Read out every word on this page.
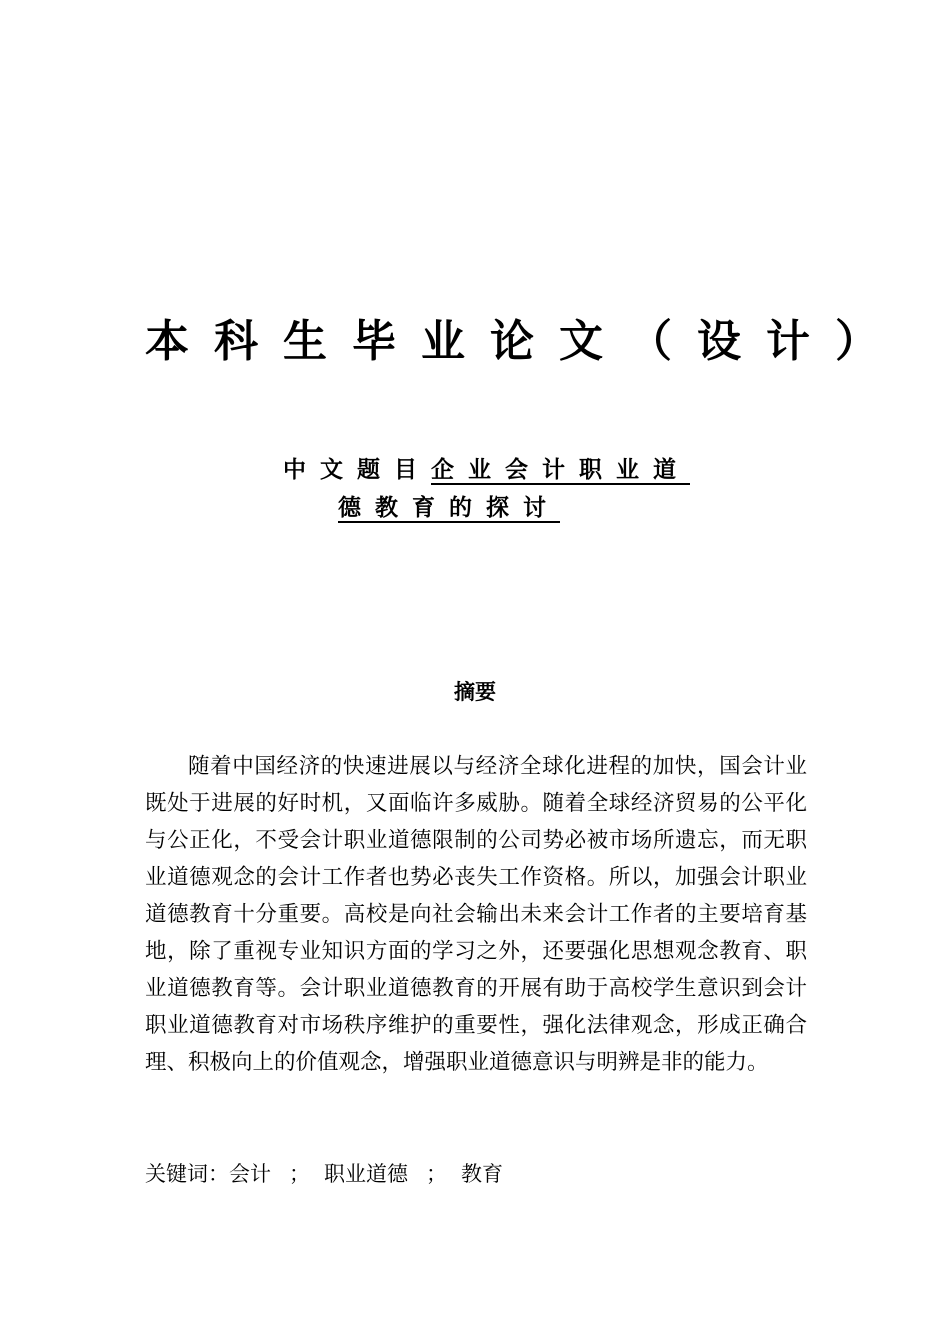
本科生毕业论文（设计）
中文题目企业会计职业道
德教育的探讨
摘要
随着中国经济的快速进展以与经济全球化进程的加快，国会计业既处于进展的好时机，又面临许多威胁。随着全球经济贸易的公平化与公正化，不受会计职业道德限制的公司势必被市场所遗忘，而无职业道德观念的会计工作者也势必丧失工作资格。所以，加强会计职业道德教育十分重要。高校是向社会输出未来会计工作者的主要培育基地，除了重视专业知识方面的学习之外，还要强化思想观念教育、职业道德教育等。会计职业道德教育的开展有助于高校学生意识到会计职业道德教育对市场秩序维护的重要性，强化法律观念，形成正确合理、积极向上的价值观念，增强职业道德意识与明辨是非的能力。
关键词：会计 ； 职业道德 ； 教育
